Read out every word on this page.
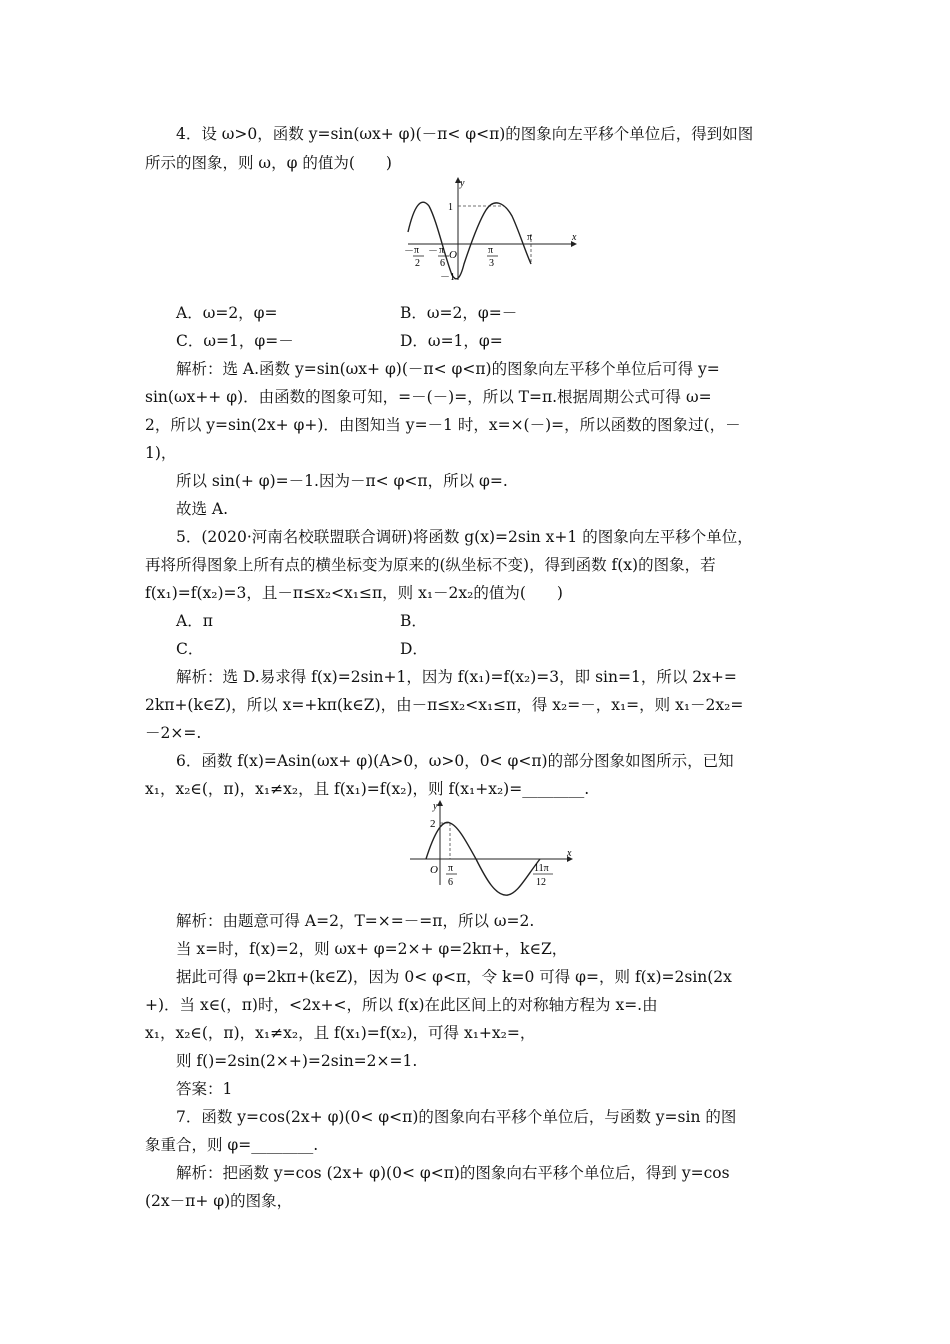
4．设 ω>0，函数 y=sin(ωx+ φ)(－π< φ<π)的图象向左平移个单位后，得到如图
所示的图象，则 ω，φ 的值为(　　)
y
x
O
1
－1
－ π
2
－ π
6
π
3
π
A．ω=2，φ=	B．ω=2，φ=－
C．ω=1，φ=－	D．ω=1，φ=
解析：选 A.函数 y=sin(ωx+ φ)(－π< φ<π)的图象向左平移个单位后可得 y=
sin(ωx++ φ)．由函数的图象可知，=－(－)=，所以 T=π.根据周期公式可得 ω=
2，所以 y=sin(2x+ φ+)．由图知当 y=－1 时，x=×(－)=，所以函数的图象过(，－
1)，
所以 sin(+ φ)=－1.因为－π< φ<π，所以 φ=.
故选 A.
5．(2020·河南名校联盟联合调研)将函数 g(x)=2sin x+1 的图象向左平移个单位，
再将所得图象上所有点的横坐标变为原来的(纵坐标不变)，得到函数 f(x)的图象，若
f(x₁)=f(x₂)=3，且－π≤x₂<x₁≤π，则 x₁－2x₂的值为(　　)
A．π	B．
C．	D．
解析：选 D.易求得 f(x)=2sin+1，因为 f(x₁)=f(x₂)=3，即 sin=1，所以 2x+=
2kπ+(k∈Z)，所以 x=+kπ(k∈Z)，由－π≤x₂<x₁≤π，得 x₂=－，x₁=，则 x₁－2x₂=
－2×=.
6．函数 f(x)=Asin(ωx+ φ)(A>0，ω>0，0< φ<π)的部分图象如图所示，已知
x₁，x₂∈(，π)，x₁≠x₂，且 f(x₁)=f(x₂)，则 f(x₁+x₂)=________.
y
x
O
2
π
6
11π
12
解析：由题意可得 A=2，T=×=－=π，所以 ω=2.
当 x=时，f(x)=2，则 ωx+ φ=2×+ φ=2kπ+，k∈Z，
据此可得 φ=2kπ+(k∈Z)，因为 0< φ<π，令 k=0 可得 φ=，则 f(x)=2sin(2x
+)．当 x∈(，π)时，<2x+<，所以 f(x)在此区间上的对称轴方程为 x=.由
x₁，x₂∈(，π)，x₁≠x₂，且 f(x₁)=f(x₂)，可得 x₁+x₂=，
则 f()=2sin(2×+)=2sin=2×=1.
答案：1
7．函数 y=cos(2x+ φ)(0< φ<π)的图象向右平移个单位后，与函数 y=sin 的图
象重合，则 φ=________.
解析：把函数 y=cos (2x+ φ)(0< φ<π)的图象向右平移个单位后，得到 y=cos
(2x－π+ φ)的图象，
